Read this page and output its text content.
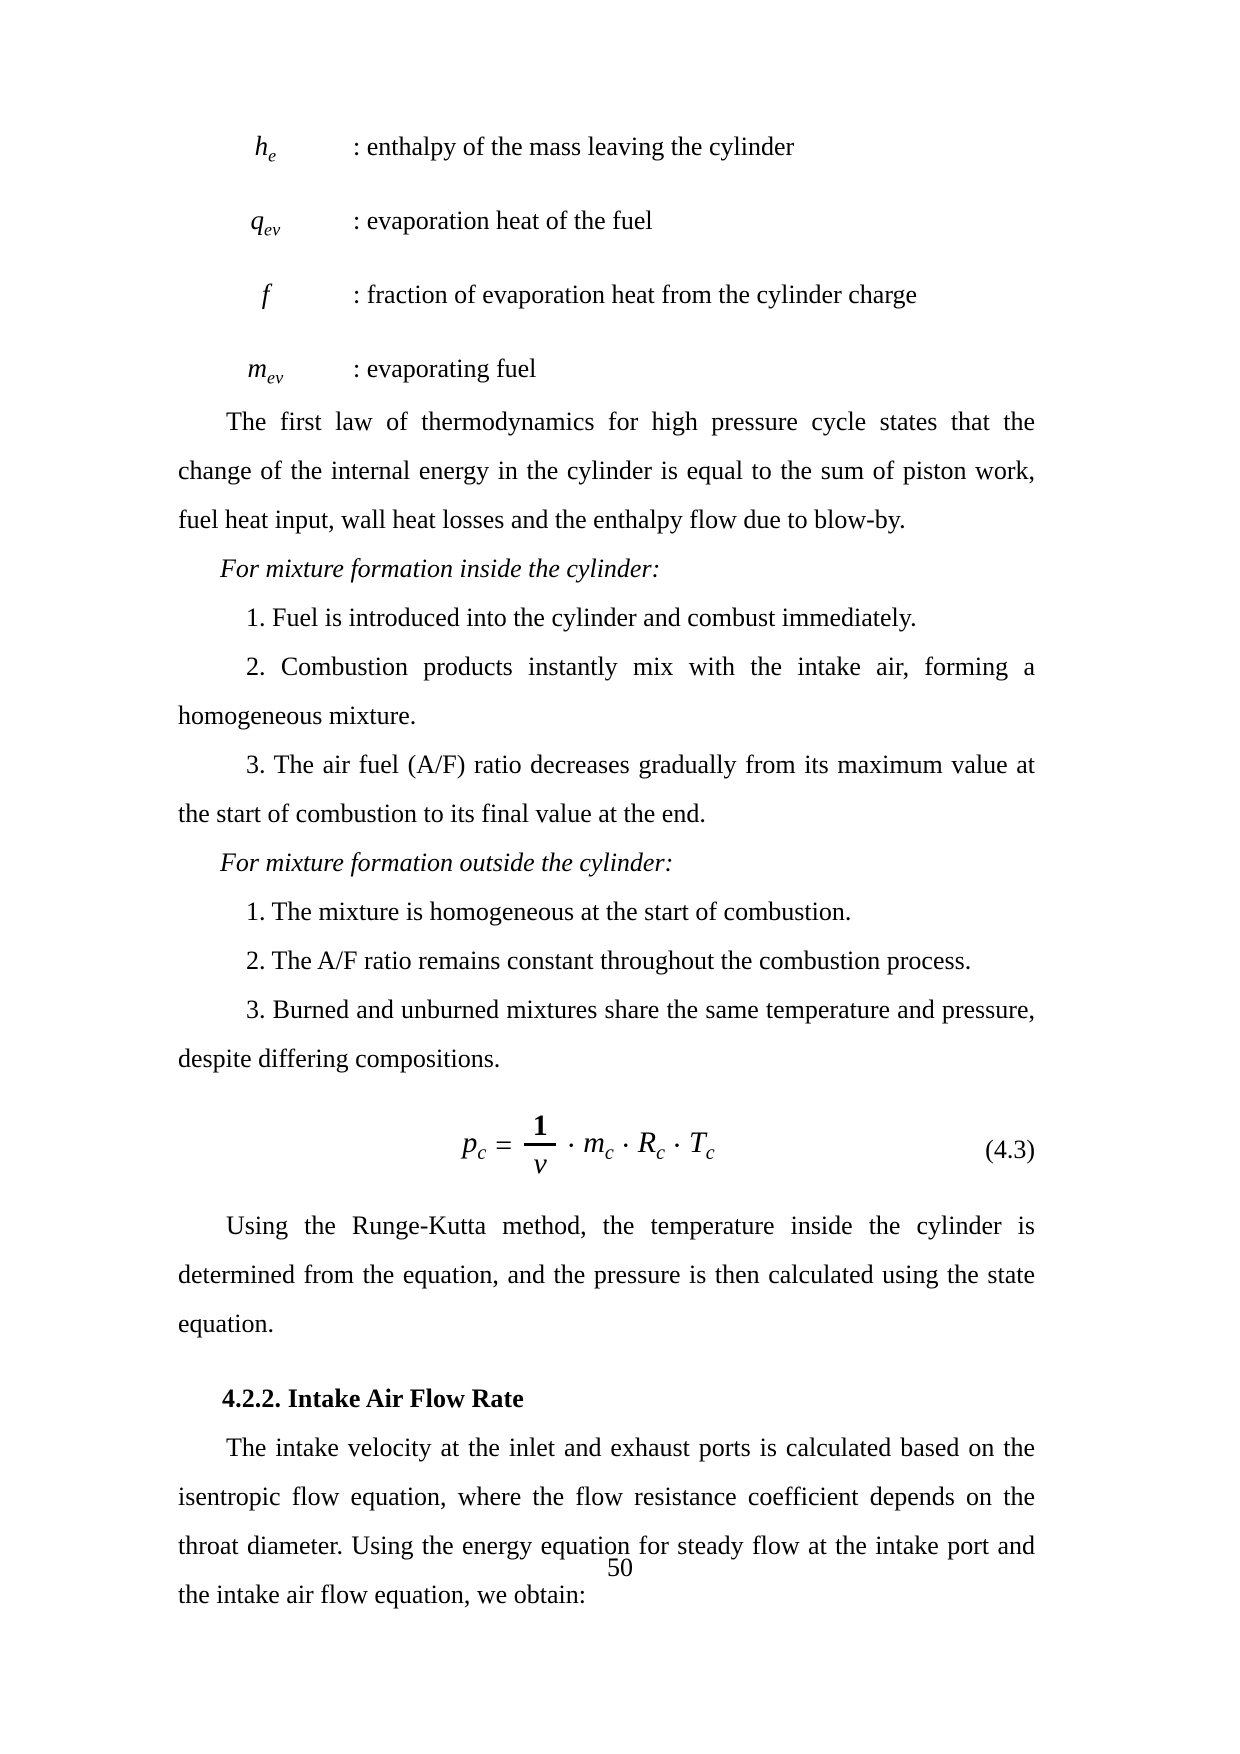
$h_e$	: enthalpy of the mass leaving the cylinder
$q_{ev}$	: evaporation heat of the fuel
f	: fraction of evaporation heat from the cylinder charge
$m_{ev}$	: evaporating fuel

The first law of thermodynamics for high pressure cycle states that the change of the internal energy in the cylinder is equal to the sum of piston work, fuel heat input, wall heat losses and the enthalpy flow due to blow-by.

For mixture formation inside the cylinder:

1. Fuel is introduced into the cylinder and combust immediately.

2. Combustion products instantly mix with the intake air, forming a homogeneous mixture.

3. The air fuel (A/F) ratio decreases gradually from its maximum value at the start of combustion to its final value at the end.

For mixture formation outside the cylinder:

1. The mixture is homogeneous at the start of combustion.

2. The A/F ratio remains constant throughout the combustion process.

3. Burned and unburned mixtures share the same temperature and pressure, despite differing compositions.

$p_c = \frac{1}{v} \cdot m_c \cdot R_c \cdot T_c$	(4.3)

Using the Runge-Kutta method, the temperature inside the cylinder is determined from the equation, and the pressure is then calculated using the state equation.

4.2.2. Intake Air Flow Rate

The intake velocity at the inlet and exhaust ports is calculated based on the isentropic flow equation, where the flow resistance coefficient depends on the throat diameter. Using the energy equation for steady flow at the intake port and the intake air flow equation, we obtain:

50
